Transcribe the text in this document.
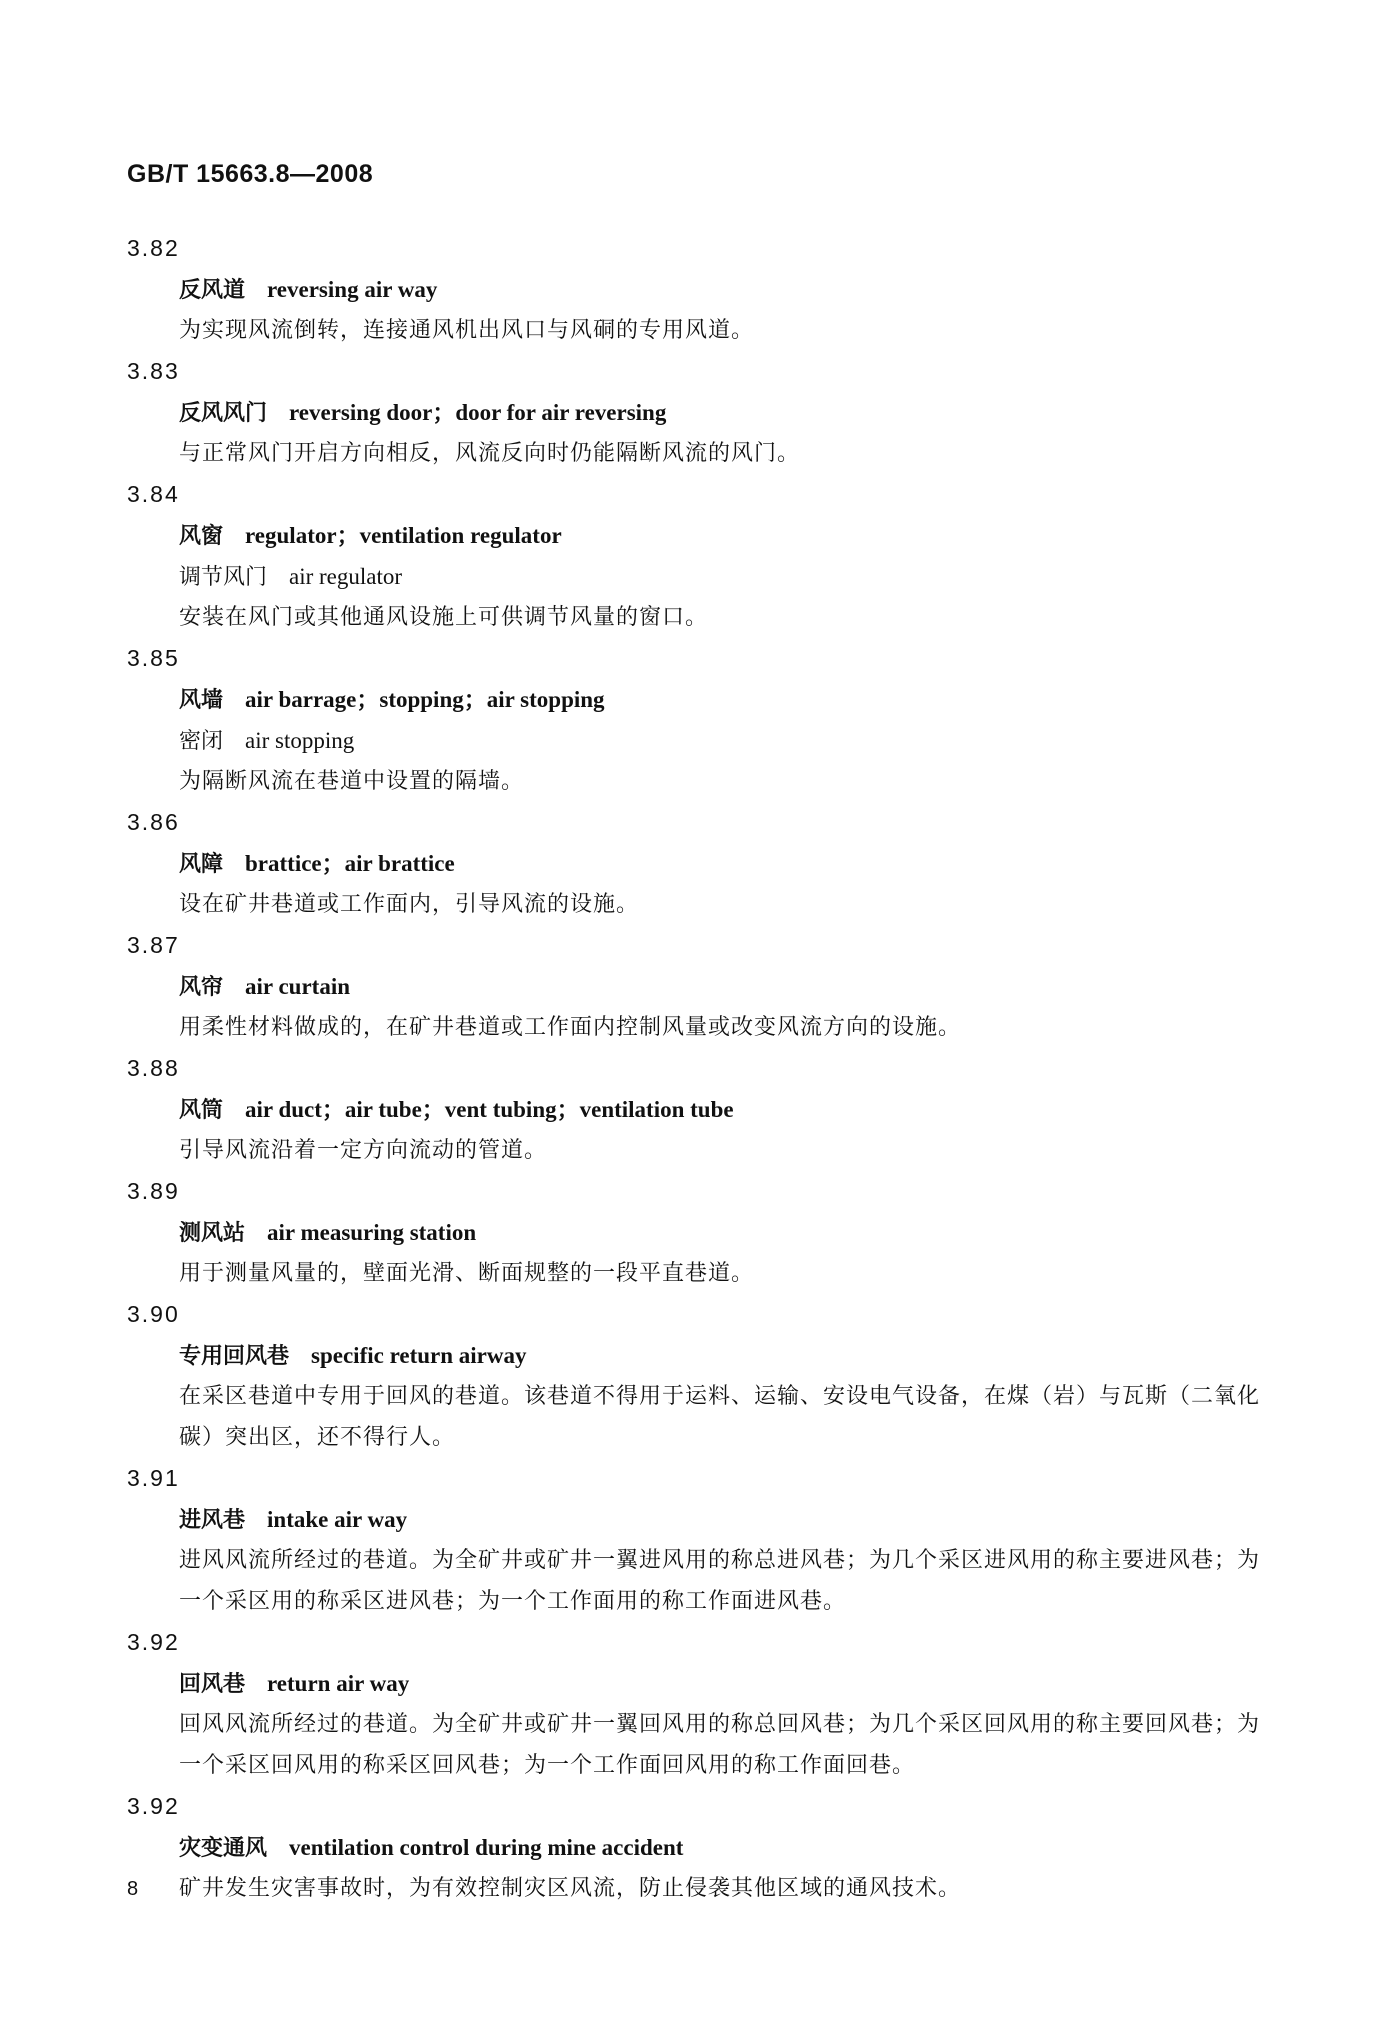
GB/T 15663.8—2008
3.82
反风道 reversing air way
为实现风流倒转，连接通风机出风口与风硐的专用风道。
3.83
反风风门 reversing door；door for air reversing
与正常风门开启方向相反，风流反向时仍能隔断风流的风门。
3.84
风窗 regulator；ventilation regulator
调节风门 air regulator
安装在风门或其他通风设施上可供调节风量的窗口。
3.85
风墙 air barrage；stopping；air stopping
密闭 air stopping
为隔断风流在巷道中设置的隔墙。
3.86
风障 brattice；air brattice
设在矿井巷道或工作面内，引导风流的设施。
3.87
风帘 air curtain
用柔性材料做成的，在矿井巷道或工作面内控制风量或改变风流方向的设施。
3.88
风筒 air duct；air tube；vent tubing；ventilation tube
引导风流沿着一定方向流动的管道。
3.89
测风站 air measuring station
用于测量风量的，壁面光滑、断面规整的一段平直巷道。
3.90
专用回风巷 specific return airway
在采区巷道中专用于回风的巷道。该巷道不得用于运料、运输、安设电气设备，在煤（岩）与瓦斯（二氧化碳）突出区，还不得行人。
3.91
进风巷 intake air way
进风风流所经过的巷道。为全矿井或矿井一翼进风用的称总进风巷；为几个采区进风用的称主要进风巷；为一个采区用的称采区进风巷；为一个工作面用的称工作面进风巷。
3.92
回风巷 return air way
回风风流所经过的巷道。为全矿井或矿井一翼回风用的称总回风巷；为几个采区回风用的称主要回风巷；为一个采区回风用的称采区回风巷；为一个工作面回风用的称工作面回巷。
3.92
灾变通风 ventilation control during mine accident
矿井发生灾害事故时，为有效控制灾区风流，防止侵袭其他区域的通风技术。
8
